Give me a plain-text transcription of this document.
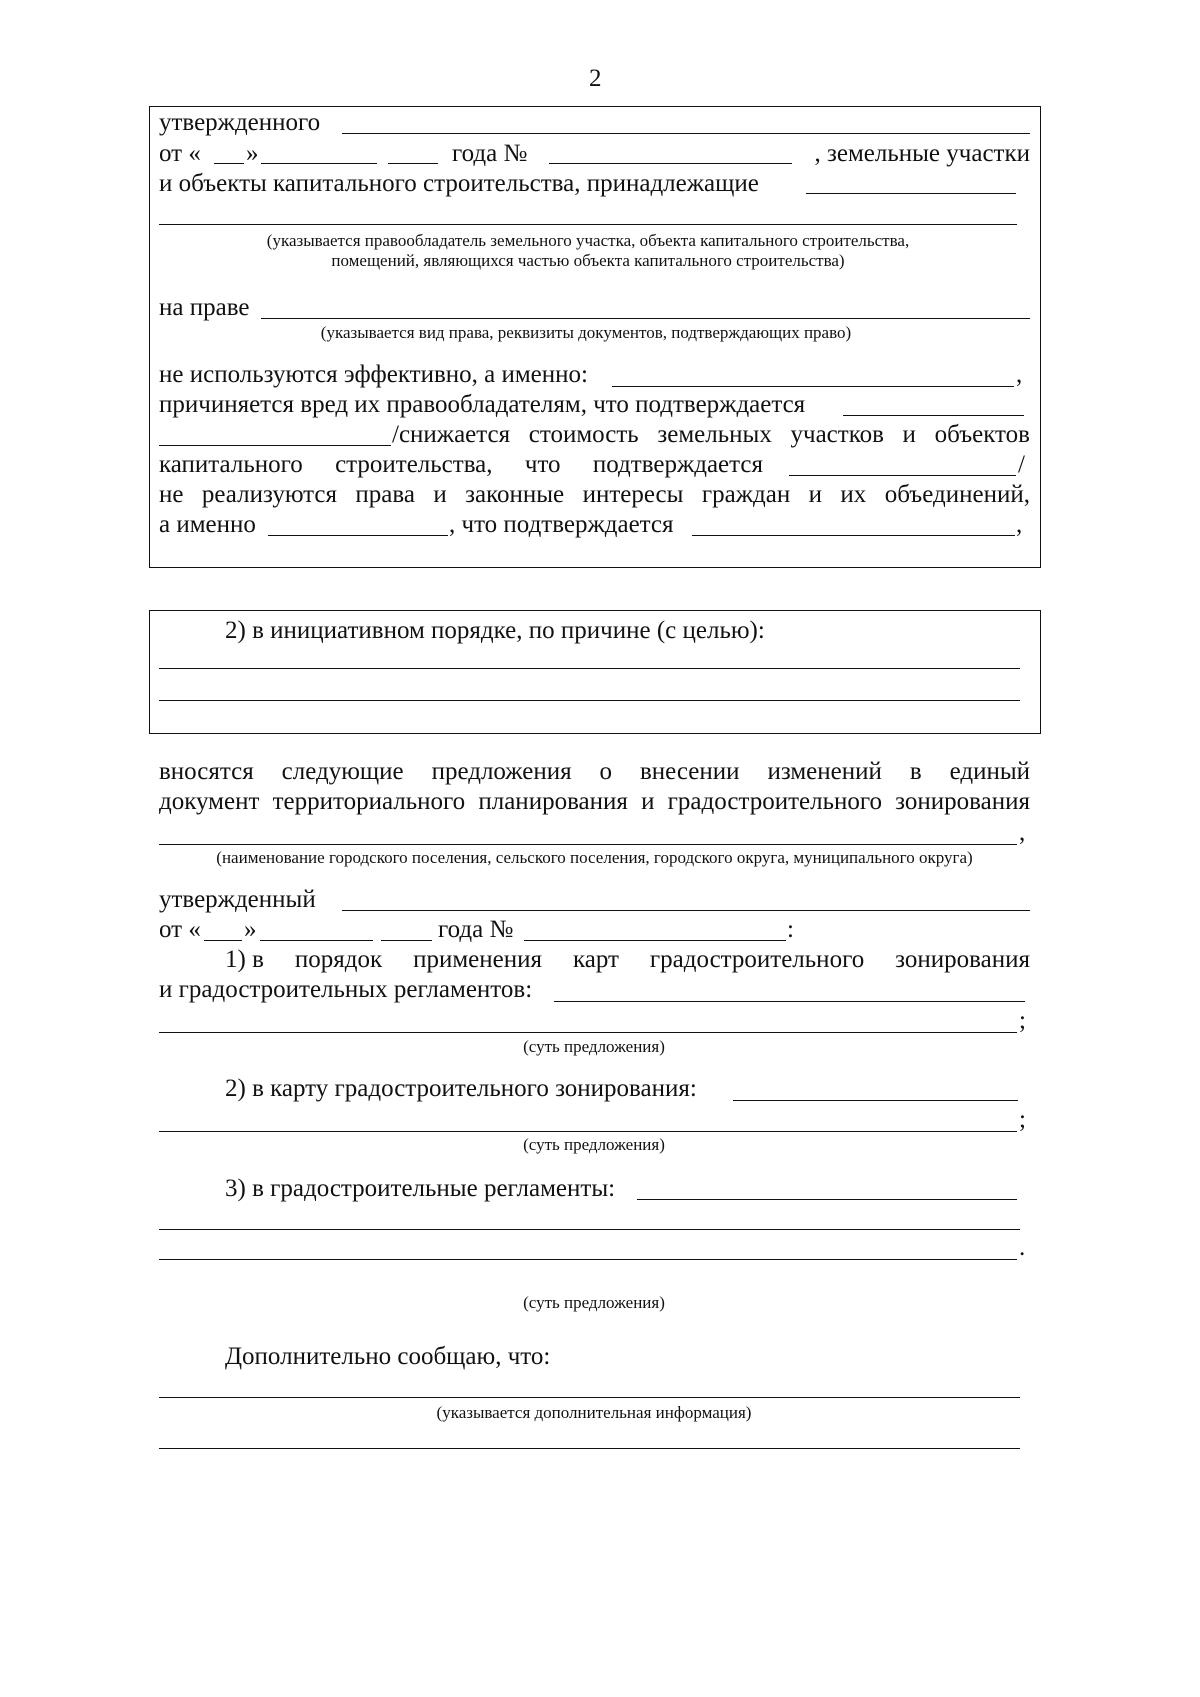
2
утвержденного
от « »	года №	, земельные участки
и объекты капитального строительства, принадлежащие
(указывается правообладатель земельного участка, объекта капитального строительства,
помещений, являющихся частью объекта капитального строительства)
на праве
(указывается вид права, реквизиты документов, подтверждающих право)
не используются эффективно, а именно:	,
причиняется вред их правообладателям, что подтверждается
/снижается стоимость земельных участков и объектов
капитального строительства, что подтверждается	/
не реализуются права и законные интересы граждан и их объединений,
а именно	, что подтверждается	,
2) в инициативном порядке, по причине (с целью):
вносятся следующие предложения о внесении изменений в единый
документ территориального планирования и градостроительного зонирования
,
(наименование городского поселения, сельского поселения, городского округа, муниципального округа)
утвержденный
от « »	года №	:
1) в порядок применения карт градостроительного зонирования
и градостроительных регламентов:
;
(суть предложения)
2) в карту градостроительного зонирования:
;
(суть предложения)
3) в градостроительные регламенты:
.
(суть предложения)
Дополнительно сообщаю, что:
(указывается дополнительная информация)
